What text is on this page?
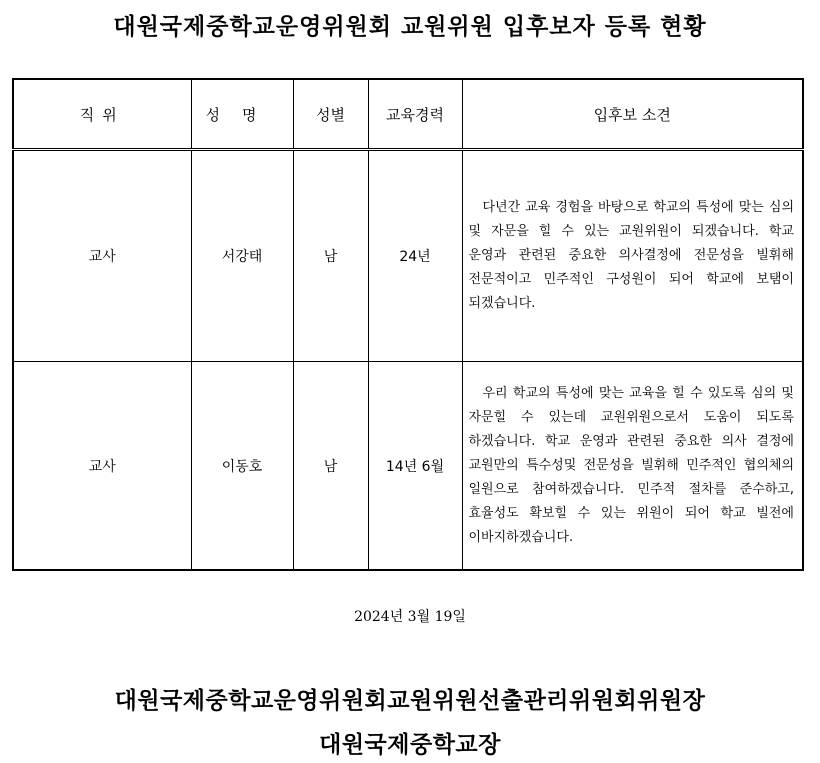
대원국제중학교운영위원회 교원위원 입후보자 등록 현황
직위	성명	성별	교육경력	입후보 소견
교사	서강태	남	24년	다년간 교육 경험을 바탕으로 학교의 특성에 맞는 심의 및 자문을 힐 수 있는 교원위원이 되겠습니다. 학교 운영과 관련된 중요한 의사결정에 전문성을 빌휘해 전문적이고 민주적인 구성원이 되어 학교에 보탬이 되겠습니다.

교사	이동호	남	14년 6월	우리 학교의 특성에 맞는 교육을 힐 수 있도록 심의 및 자문힐 수 있는데 교원위원으로서 도움이 되도록 하겠습니다. 학교 운영과 관련된 중요한 의사 결정에 교원만의 특수성및 전문성을 빌휘해 민주적인 협의체의 일원으로 참여하겠습니다. 민주적 절차를 준수하고, 효율성도 확보힐 수 있는 위원이 되어 학교 빌전에 이바지하겠습니다.
2024년 3월 19일
대원국제중학교운영위원회교원위원선출관리위원회위원장
대원국제중학교장
